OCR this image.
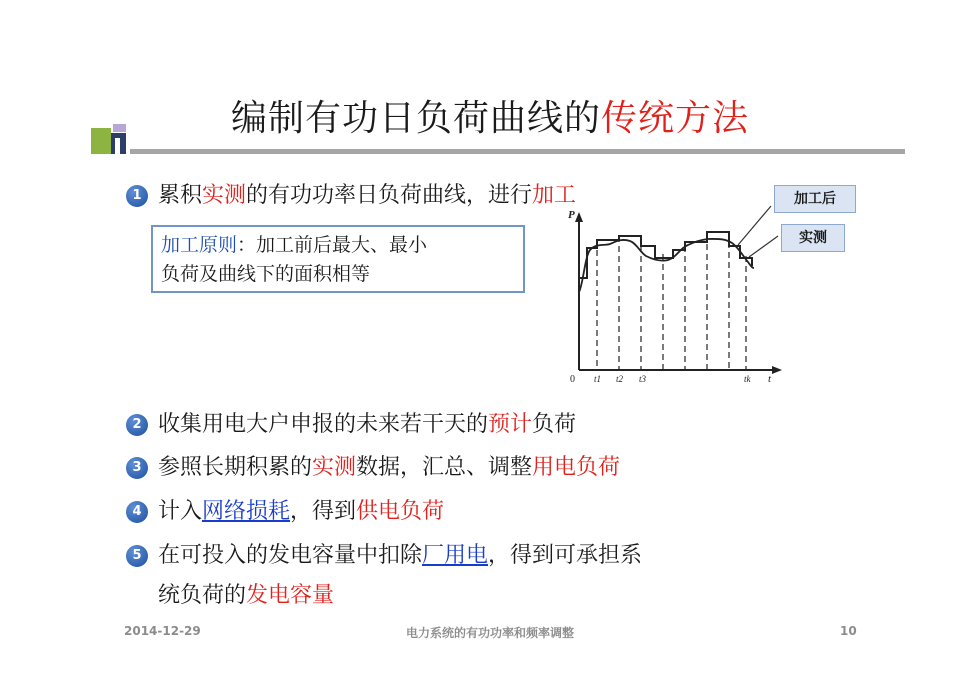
编制有功日负荷曲线的传统方法
1 累积实测的有功功率日负荷曲线，进行加工
加工原则：加工前后最大、最小
负荷及曲线下的面积相等
P
t
0 t1 t2 t3	tk
加工后
实测
2 收集用电大户申报的未来若干天的预计负荷
3 参照长期积累的实测数据，汇总、调整用电负荷
4 计入网络损耗，得到供电负荷
5 在可投入的发电容量中扣除厂用电，得到可承担系
统负荷的发电容量
2014-12-29	电力系统的有功功率和频率调整	10
